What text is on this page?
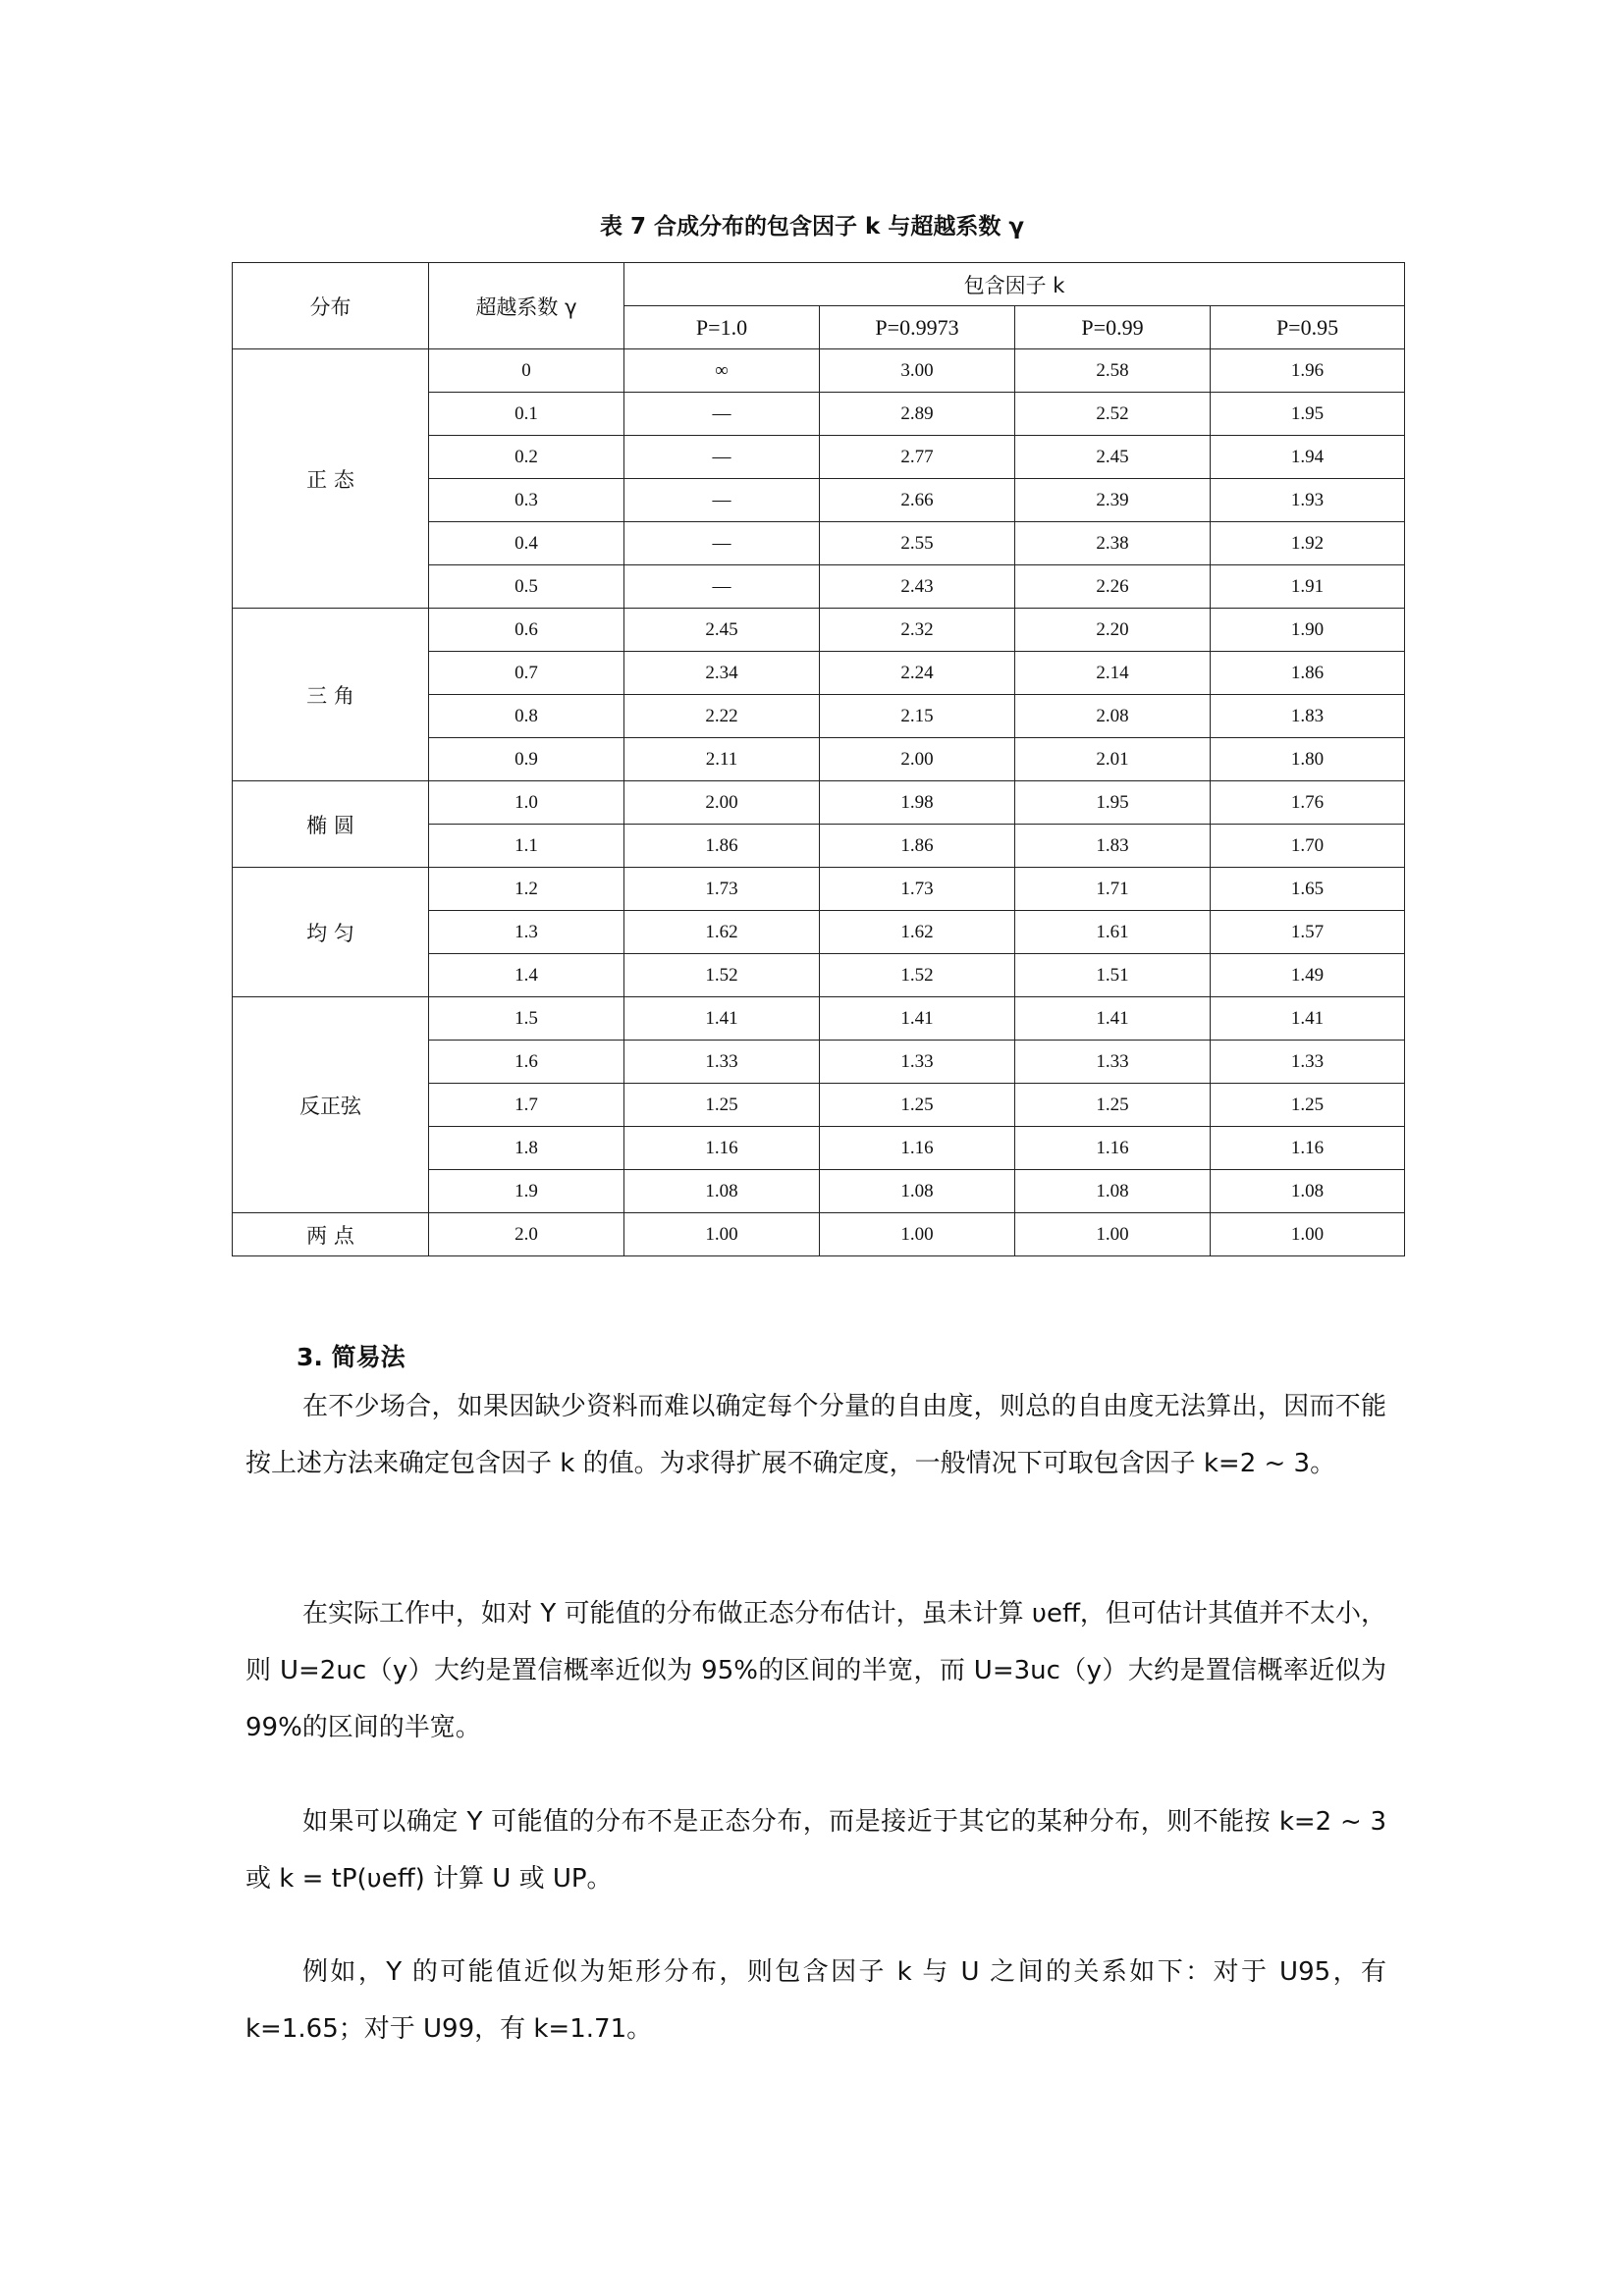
表 7 合成分布的包含因子 k 与超越系数 γ
分布	超越系数 γ	包含因子 k			
		P=1.0	P=0.9973	P=0.99	P=0.95
正 态	0	∞	3.00	2.58	1.96
	0.1	—	2.89	2.52	1.95
	0.2	—	2.77	2.45	1.94
	0.3	—	2.66	2.39	1.93
	0.4	—	2.55	2.38	1.92
	0.5	—	2.43	2.26	1.91
三 角	0.6	2.45	2.32	2.20	1.90
	0.7	2.34	2.24	2.14	1.86
	0.8	2.22	2.15	2.08	1.83
	0.9	2.11	2.00	2.01	1.80
椭 圆	1.0	2.00	1.98	1.95	1.76
	1.1	1.86	1.86	1.83	1.70
均 匀	1.2	1.73	1.73	1.71	1.65
	1.3	1.62	1.62	1.61	1.57
	1.4	1.52	1.52	1.51	1.49
反正弦	1.5	1.41	1.41	1.41	1.41
	1.6	1.33	1.33	1.33	1.33
	1.7	1.25	1.25	1.25	1.25
	1.8	1.16	1.16	1.16	1.16
	1.9	1.08	1.08	1.08	1.08
两 点	2.0	1.00	1.00	1.00	1.00
3. 简易法
在不少场合，如果因缺少资料而难以确定每个分量的自由度，则总的自由度无法算出，因而不能按上述方法来确定包含因子 k 的值。为求得扩展不确定度，一般情况下可取包含因子 k=2 ~ 3。
在实际工作中，如对 Y 可能值的分布做正态分布估计，虽未计算 υeff，但可估计其值并不太小，则 U=2uc（y）大约是置信概率近似为 95%的区间的半宽，而 U=3uc（y）大约是置信概率近似为 99%的区间的半宽。
如果可以确定 Y 可能值的分布不是正态分布，而是接近于其它的某种分布，则不能按 k=2 ~ 3 或 k = tP(υeff) 计算 U 或 UP。
例如，Y 的可能值近似为矩形分布，则包含因子 k 与 U 之间的关系如下：对于 U95，有 k=1.65；对于 U99，有 k=1.71。
